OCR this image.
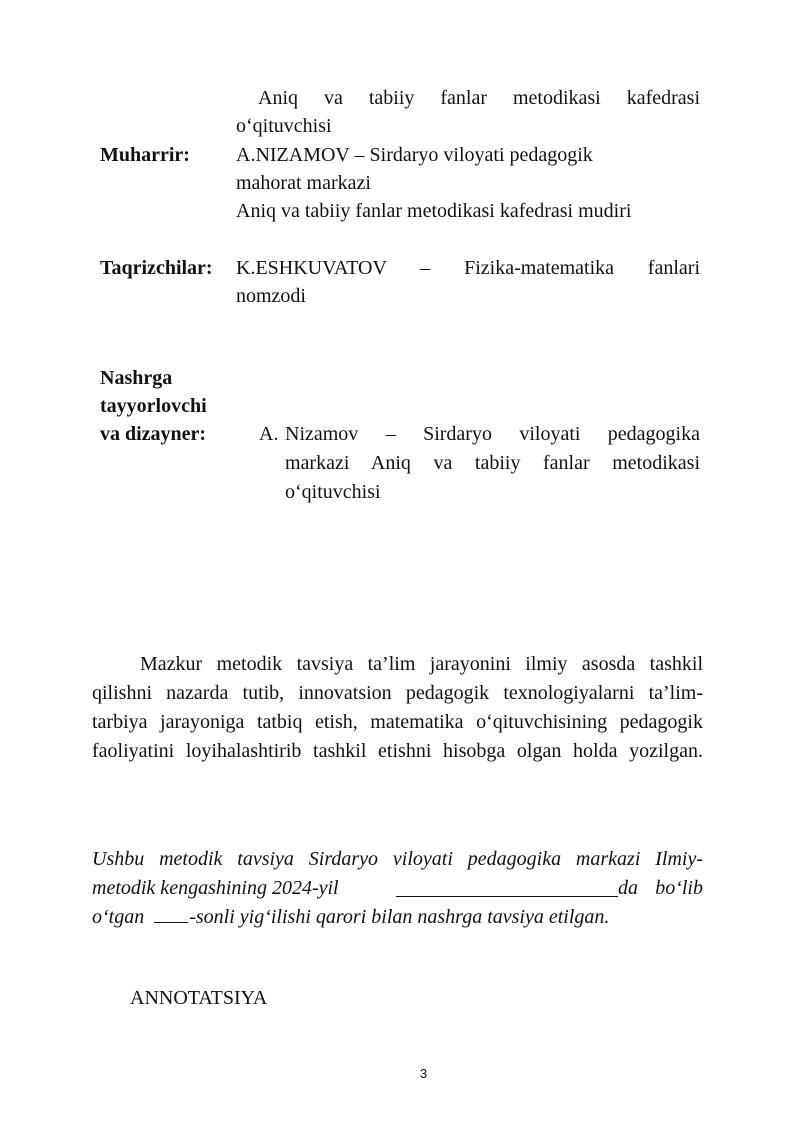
Aniq va tabiiy fanlar metodikasi kafedrasi
o‘qituvchisi
Muharrir: A.NIZAMOV – Sirdaryo viloyati pedagogik
mahorat markazi
Aniq va tabiiy fanlar metodikasi kafedrasi mudiri
Taqrizchilar: K.ESHKUVATOV – Fizika-matematika fanlari
nomzodi
Nashrga
tayyorlovchi
va dizayner:	A. Nizamov – Sirdaryo viloyati pedagogika
markazi Aniq va tabiiy fanlar metodikasi
o‘qituvchisi
Mazkur metodik tavsiya ta’lim jarayonini ilmiy asosda tashkil
qilishni nazarda tutib, innovatsion pedagogik texnologiyalarni ta’lim-
tarbiya jarayoniga tatbiq etish, matematika o‘qituvchisining pedagogik
faoliyatini loyihalashtirib tashkil etishni hisobga olgan holda yozilgan.
Ushbu metodik tavsiya Sirdaryo viloyati pedagogika markazi Ilmiy-
metodik kengashining 2024-yil	da bo‘lib
o‘tgan -sonli yig‘ilishi qarori bilan nashrga tavsiya etilgan.
ANNOTATSIYA
3
